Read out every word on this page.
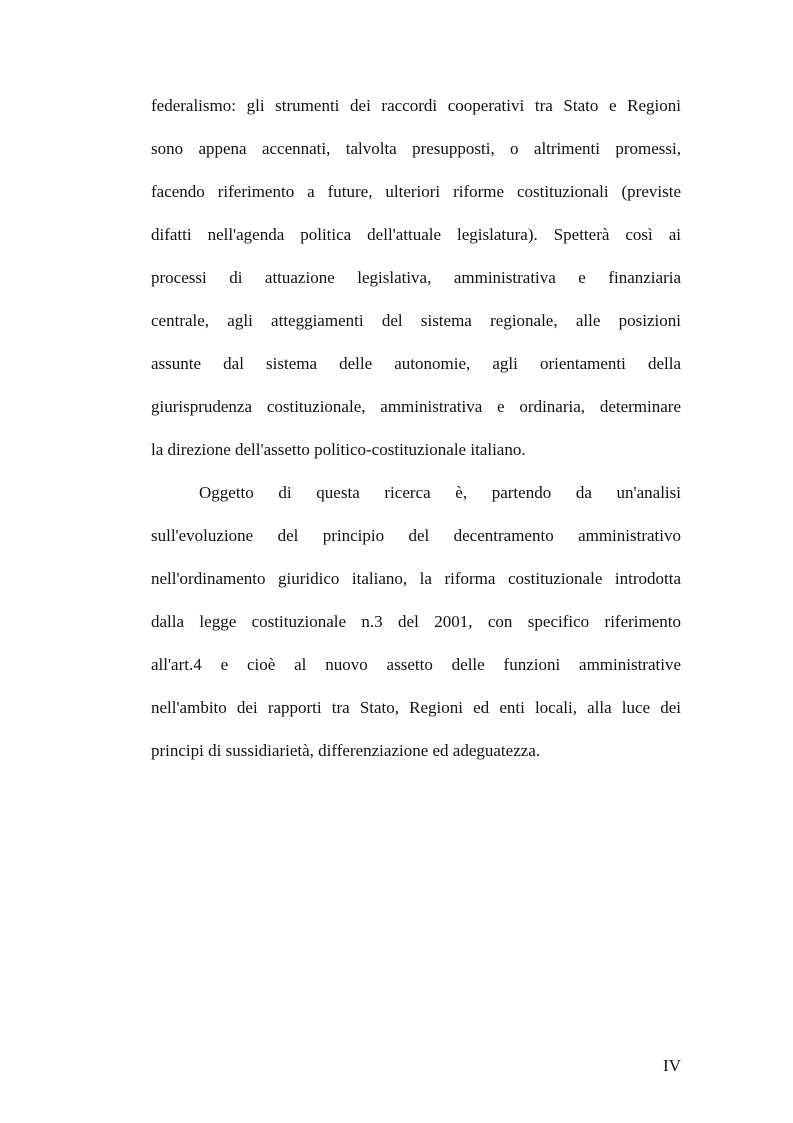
federalismo: gli strumenti dei raccordi cooperativi tra Stato e Regioni
sono appena accennati, talvolta presupposti, o altrimenti promessi,
facendo riferimento a future, ulteriori riforme costituzionali (previste
difatti nell'agenda politica dell'attuale legislatura). Spetterà così ai
processi di attuazione legislativa, amministrativa e finanziaria
centrale, agli atteggiamenti del sistema regionale, alle posizioni
assunte dal sistema delle autonomie, agli orientamenti della
giurisprudenza costituzionale, amministrativa e ordinaria, determinare
la direzione dell'assetto politico-costituzionale italiano.
Oggetto di questa ricerca è, partendo da un'analisi
sull'evoluzione del principio del decentramento amministrativo
nell'ordinamento giuridico italiano, la riforma costituzionale introdotta
dalla legge costituzionale n.3 del 2001, con specifico riferimento
all'art.4 e cioè al nuovo assetto delle funzioni amministrative
nell'ambito dei rapporti tra Stato, Regioni ed enti locali, alla luce dei
principi di sussidiarietà, differenziazione ed adeguatezza.
IV
